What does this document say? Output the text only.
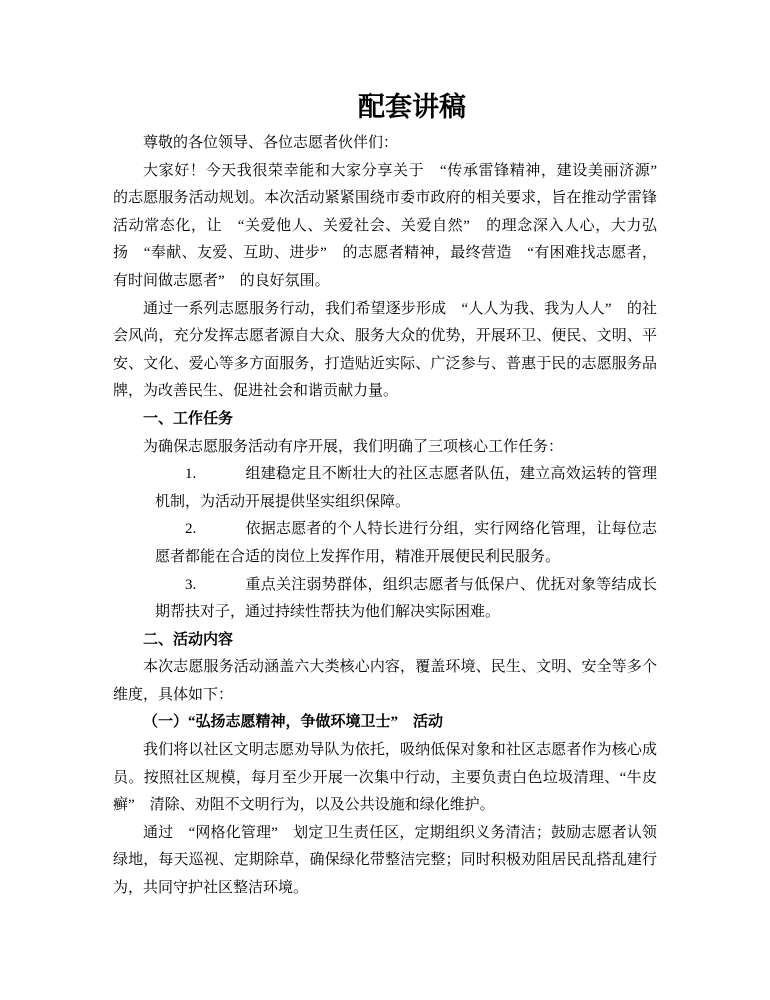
配套讲稿

尊敬的各位领导、各位志愿者伙伴们：

大家好！今天我很荣幸能和大家分享关于　“传承雷锋精神，建设美丽济源”　的志愿服务活动规划。本次活动紧紧围绕市委市政府的相关要求，旨在推动学雷锋活动常态化，让　“关爱他人、关爱社会、关爱自然”　的理念深入人心，大力弘扬　“奉献、友爱、互助、进步”　的志愿者精神，最终营造　“有困难找志愿者，有时间做志愿者”　的良好氛围。

通过一系列志愿服务行动，我们希望逐步形成　“人人为我、我为人人”　的社会风尚，充分发挥志愿者源自大众、服务大众的优势，开展环卫、便民、文明、平安、文化、爱心等多方面服务，打造贴近实际、广泛参与、普惠于民的志愿服务品牌，为改善民生、促进社会和谐贡献力量。

一、工作任务

为确保志愿服务活动有序开展，我们明确了三项核心工作任务：

1.	组建稳定且不断壮大的社区志愿者队伍，建立高效运转的管理机制，为活动开展提供坚实组织保障。
2.	依据志愿者的个人特长进行分组，实行网络化管理，让每位志愿者都能在合适的岗位上发挥作用，精准开展便民利民服务。
3.	重点关注弱势群体，组织志愿者与低保户、优抚对象等结成长期帮扶对子，通过持续性帮扶为他们解决实际困难。
二、活动内容

本次志愿服务活动涵盖六大类核心内容，覆盖环境、民生、文明、安全等多个维度，具体如下：

（一）“弘扬志愿精神，争做环境卫士”　活动

我们将以社区文明志愿劝导队为依托，吸纳低保对象和社区志愿者作为核心成员。按照社区规模，每月至少开展一次集中行动，主要负责白色垃圾清理、“牛皮癣”　清除、劝阻不文明行为，以及公共设施和绿化维护。

通过　“网格化管理”　划定卫生责任区，定期组织义务清洁；鼓励志愿者认领绿地，每天巡视、定期除草，确保绿化带整洁完整；同时积极劝阻居民乱搭乱建行为，共同守护社区整洁环境。
